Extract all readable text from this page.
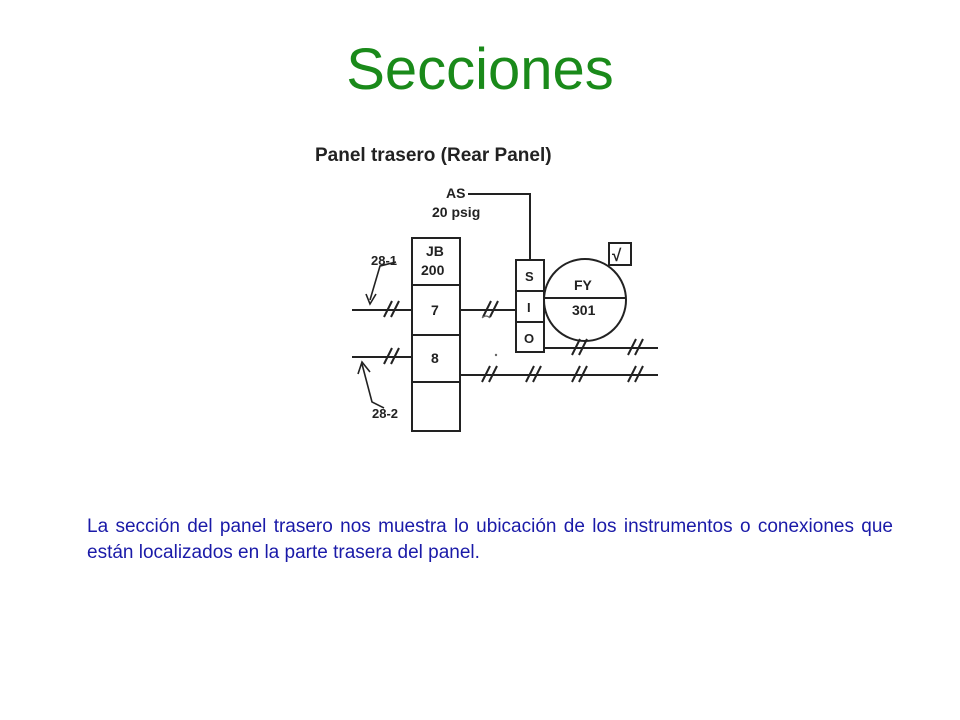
Secciones
Panel trasero (Rear Panel)
AS
20 psig
JB
200
7
8
28-1
28-2
S
I
O
FY
301
√

La sección del panel trasero nos muestra lo ubicación de los instrumentos o conexiones que están localizados en la parte trasera del panel.
